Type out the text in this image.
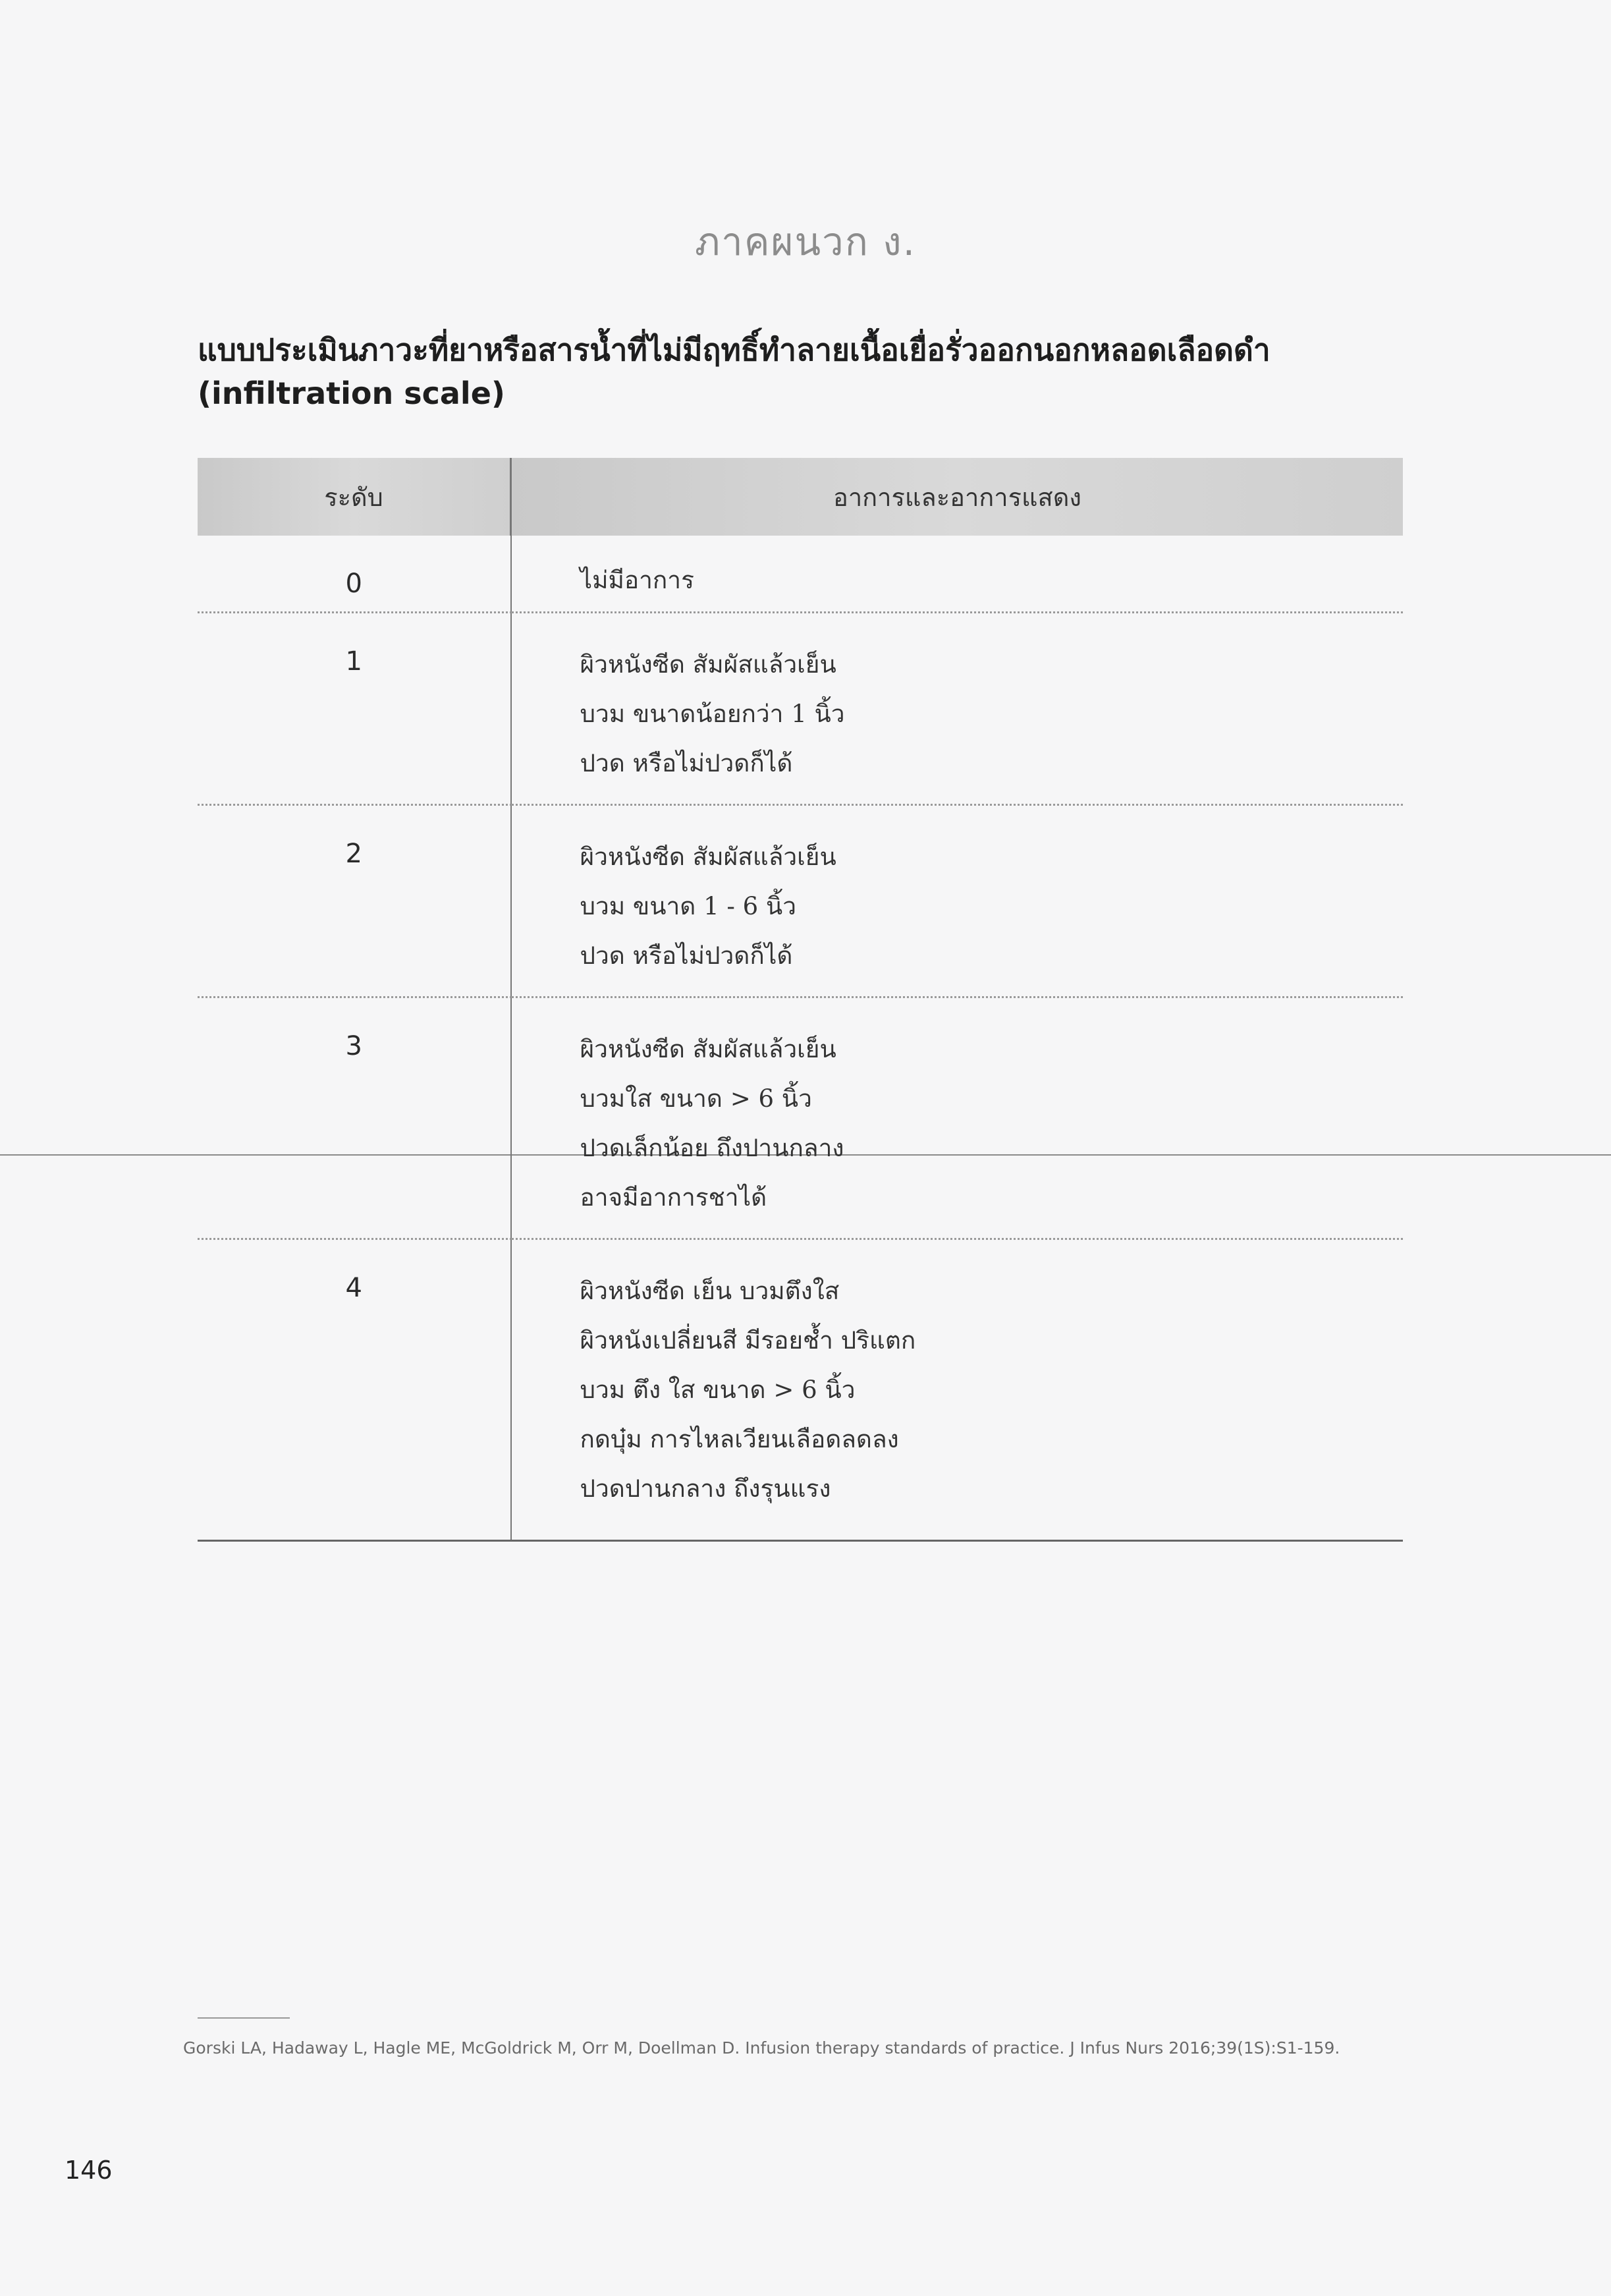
ภาคผนวก ง.
แบบประเมินภาวะที่ยาหรือสารน้ำที่ไม่มีฤทธิ์ทำลายเนื้อเยื่อรั่วออกนอกหลอดเลือดดำ
(infiltration scale)
ระดับ	อาการและอาการแสดง
0	ไม่มีอาการ

1	ผิวหนังซีด สัมผัสแล้วเย็น
บวม ขนาดน้อยกว่า 1 นิ้ว
ปวด หรือไม่ปวดก็ได้

2	ผิวหนังซีด สัมผัสแล้วเย็น
บวม ขนาด 1 - 6 นิ้ว
ปวด หรือไม่ปวดก็ได้

3	ผิวหนังซีด สัมผัสแล้วเย็น
บวมใส ขนาด > 6 นิ้ว
ปวดเล็กน้อย ถึงปานกลาง
อาจมีอาการชาได้

4	ผิวหนังซีด เย็น บวมตึงใส
ผิวหนังเปลี่ยนสี มีรอยช้ำ ปริแตก
บวม ตึง ใส ขนาด > 6 นิ้ว
กดบุ๋ม การไหลเวียนเลือดลดลง
ปวดปานกลาง ถึงรุนแรง
Gorski LA, Hadaway L, Hagle ME, McGoldrick M, Orr M, Doellman D. Infusion therapy standards of practice. J Infus Nurs 2016;39(1S):S1-159.
146
